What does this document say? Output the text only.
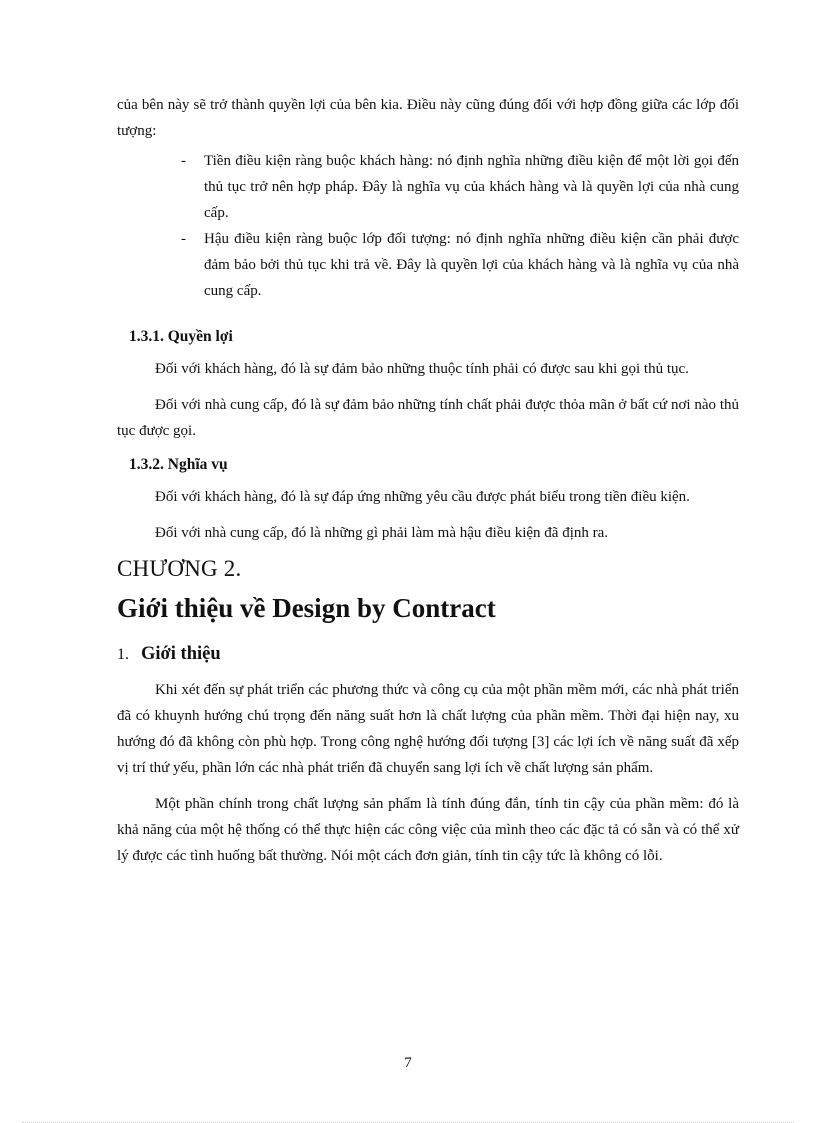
của bên này sẽ trở thành quyền lợi của bên kia. Điều này cũng đúng đối với hợp đồng giữa các lớp đối tượng:

- Tiền điều kiện ràng buộc khách hàng: nó định nghĩa những điều kiện để một lời gọi đến thủ tục trở nên hợp pháp. Đây là nghĩa vụ của khách hàng và là quyền lợi của nhà cung cấp.
- Hậu điều kiện ràng buộc lớp đối tượng: nó định nghĩa những điều kiện cần phải được đảm bảo bởi thủ tục khi trả về. Đây là quyền lợi của khách hàng và là nghĩa vụ của nhà cung cấp.
1.3.1. Quyền lợi

Đối với khách hàng, đó là sự đảm bảo những thuộc tính phải có được sau khi gọi thủ tục.

Đối với nhà cung cấp, đó là sự đảm bảo những tính chất phải được thỏa mãn ở bất cứ nơi nào thủ tục được gọi.

1.3.2. Nghĩa vụ

Đối với khách hàng, đó là sự đáp ứng những yêu cầu được phát biểu trong tiền điều kiện.

Đối với nhà cung cấp, đó là những gì phải làm mà hậu điều kiện đã định ra.

CHƯƠNG 2.
Giới thiệu về Design by Contract
1. Giới thiệu

Khi xét đến sự phát triển các phương thức và công cụ của một phần mềm mới, các nhà phát triển đã có khuynh hướng chú trọng đến năng suất hơn là chất lượng của phần mềm. Thời đại hiện nay, xu hướng đó đã không còn phù hợp. Trong công nghệ hướng đối tượng [3] các lợi ích về năng suất đã xếp vị trí thứ yếu, phần lớn các nhà phát triển đã chuyển sang lợi ích về chất lượng sản phẩm.

Một phần chính trong chất lượng sản phẩm là tính đúng đắn, tính tin cậy của phần mềm: đó là khả năng của một hệ thống có thể thực hiện các công việc của mình theo các đặc tả có sẵn và có thể xử lý được các tình huống bất thường. Nói một cách đơn giản, tính tin cậy tức là không có lỗi.

7
